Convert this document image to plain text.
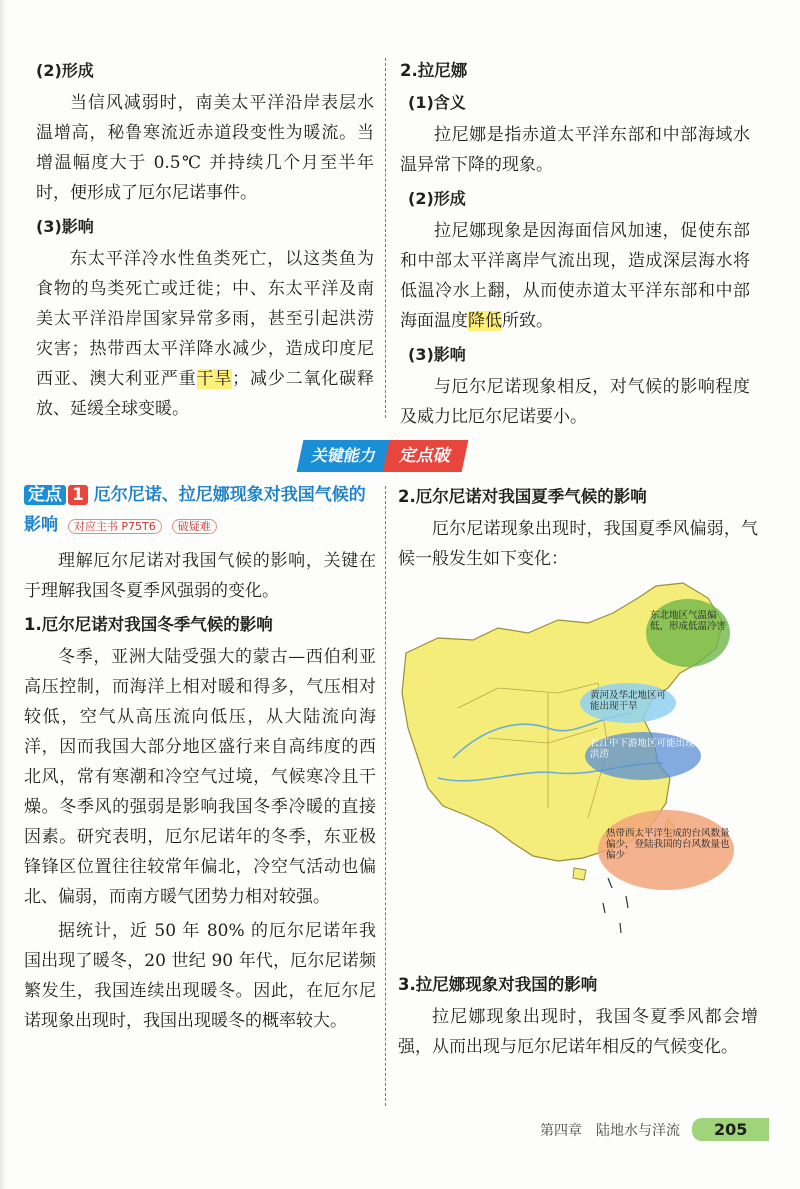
(2)形成
当信风减弱时，南美太平洋沿岸表层水温增高，秘鲁寒流近赤道段变性为暖流。当增温幅度大于 0.5℃ 并持续几个月至半年时，便形成了厄尔尼诺事件。
(3)影响
东太平洋冷水性鱼类死亡，以这类鱼为食物的鸟类死亡或迁徙；中、东太平洋及南美太平洋沿岸国家异常多雨，甚至引起洪涝灾害；热带西太平洋降水减少，造成印度尼西亚、澳大利亚严重干旱；减少二氧化碳释放、延缓全球变暖。
2.拉尼娜
(1)含义
拉尼娜是指赤道太平洋东部和中部海域水温异常下降的现象。
(2)形成
拉尼娜现象是因海面信风加速，促使东部和中部太平洋离岸气流出现，造成深层海水将低温冷水上翻，从而使赤道太平洋东部和中部海面温度降低所致。
(3)影响
与厄尔尼诺现象相反，对气候的影响程度及威力比厄尔尼诺要小。
关键能力	定点破
定点 1 厄尔尼诺、拉尼娜现象对我国气候的影响 对应主书 P75T6 破疑难
理解厄尔尼诺对我国气候的影响，关键在于理解我国冬夏季风强弱的变化。
1.厄尔尼诺对我国冬季气候的影响
冬季，亚洲大陆受强大的蒙古—西伯利亚高压控制，而海洋上相对暖和得多，气压相对较低，空气从高压流向低压，从大陆流向海洋，因而我国大部分地区盛行来自高纬度的西北风，常有寒潮和冷空气过境，气候寒冷且干燥。冬季风的强弱是影响我国冬季冷暖的直接因素。研究表明，厄尔尼诺年的冬季，东亚极锋锋区位置往往较常年偏北，冷空气活动也偏北、偏弱，而南方暖气团势力相对较强。
据统计，近 50 年 80% 的厄尔尼诺年我国出现了暖冬，20 世纪 90 年代，厄尔尼诺频繁发生，我国连续出现暖冬。因此，在厄尔尼诺现象出现时，我国出现暖冬的概率较大。
2.厄尔尼诺对我国夏季气候的影响
厄尔尼诺现象出现时，我国夏季风偏弱，气候一般发生如下变化：
东北地区气温偏低，形成低温冷害
黄河及华北地区可能出现干旱
长江中下游地区可能出现洪涝
热带西太平洋生成的台风数量偏少，登陆我国的台风数量也偏少
3.拉尼娜现象对我国的影响
拉尼娜现象出现时，我国冬夏季风都会增强，从而出现与厄尔尼诺年相反的气候变化。
第四章 陆地水与洋流	205
